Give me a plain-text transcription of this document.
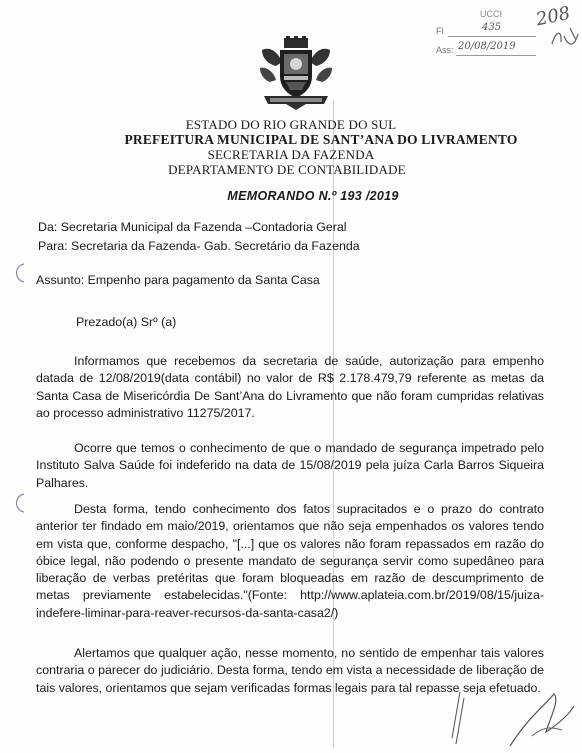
UCCI
Fl	435
Ass: 20/08/2019
208
ESTADO DO RIO GRANDE DO SUL
PREFEITURA MUNICIPAL DE SANT’ANA DO LIVRAMENTO
SECRETARIA DA FAZENDA
DEPARTAMENTO DE CONTABILIDADE
MEMORANDO N.º 193 /2019
Da: Secretaria Municipal da Fazenda –Contadoria Geral
Para: Secretaria da Fazenda- Gab. Secretário da Fazenda
Assunto: Empenho para pagamento da Santa Casa
Prezado(a) Srº (a)

Informamos que recebemos da secretaria de saúde, autorização para empenho datada de 12/08/2019(data contábil) no valor de R$ 2.178.479,79 referente as metas da Santa Casa de Misericórdia De Sant’Ana do Livramento que não foram cumpridas relativas ao processo administrativo 11275/2017.

Ocorre que temos o conhecimento de que o mandado de segurança impetrado pelo Instituto Salva Saúde foi indeferido na data de 15/08/2019 pela juíza Carla Barros Siqueira Palhares.

Desta forma, tendo conhecimento dos fatos supracitados e o prazo do contrato anterior ter findado em maio/2019, orientamos que não seja empenhados os valores tendo em vista que, conforme despacho, "[...] que os valores não foram repassados em razão do óbice legal, não podendo o presente mandato de segurança servir como supedâneo para liberação de verbas pretéritas que foram bloqueadas em razão de descumprimento de metas previamente estabelecidas."(Fonte: http://www.aplateia.com.br/2019/08/15/juiza-indefere-liminar-para-reaver-recursos-da-santa-casa2/)

Alertamos que qualquer ação, nesse momento, no sentido de empenhar tais valores contraria o parecer do judiciário. Desta forma, tendo em vista a necessidade de liberação de tais valores, orientamos que sejam verificadas formas legais para tal repasse seja efetuado.
